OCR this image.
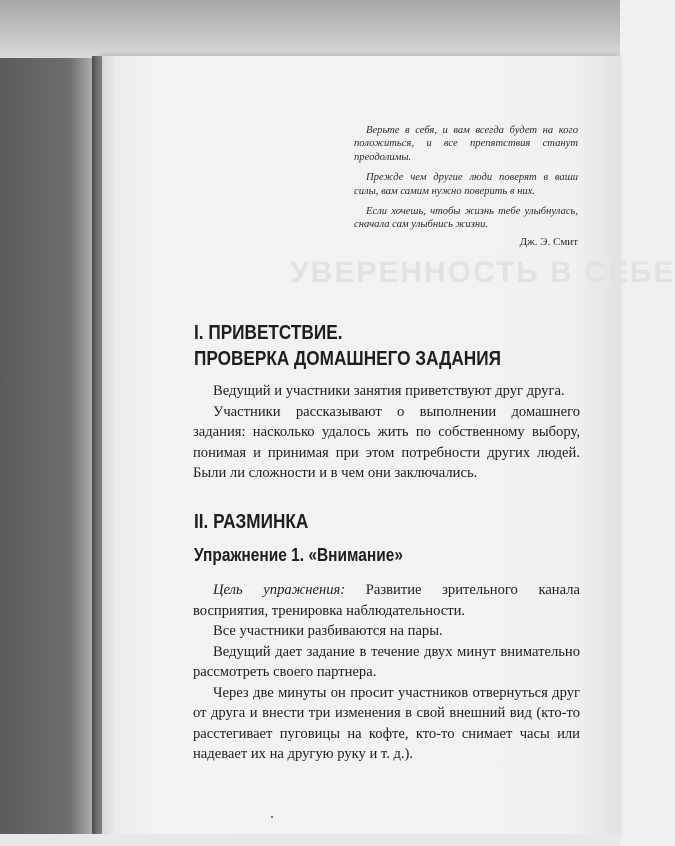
УВЕРЕННОСТЬ В СЕБЕ

Верьте в себя, и вам всегда будет на кого положиться, и все препятствия станут преодолимы.

Прежде чем другие люди поверят в ваши силы, вам самим нужно поверить в них.

Если хочешь, чтобы жизнь тебе улыбнулась, сначала сам улыбнись жизни.

Дж. Э. Смит

I. ПРИВЕТСТВИЕ.
ПРОВЕРКА ДОМАШНЕГО ЗАДАНИЯ

Ведущий и участники занятия приветствуют друг друга.

Участники рассказывают о выполнении домашнего задания: насколько удалось жить по собственному выбору, понимая и принимая при этом потребности других людей. Были ли сложности и в чем они заключались.

II. РАЗМИНКА
Упражнение 1. «Внимание»

Цель упражнения: Развитие зрительного канала восприятия, тренировка наблюдательности.

Все участники разбиваются на пары.

Ведущий дает задание в течение двух минут внимательно рассмотреть своего партнера.

Через две минуты он просит участников отвернуться друг от друга и внести три изменения в свой внешний вид (кто-то расстегивает пуговицы на кофте, кто-то снимает часы или надевает их на другую руку и т. д.).
